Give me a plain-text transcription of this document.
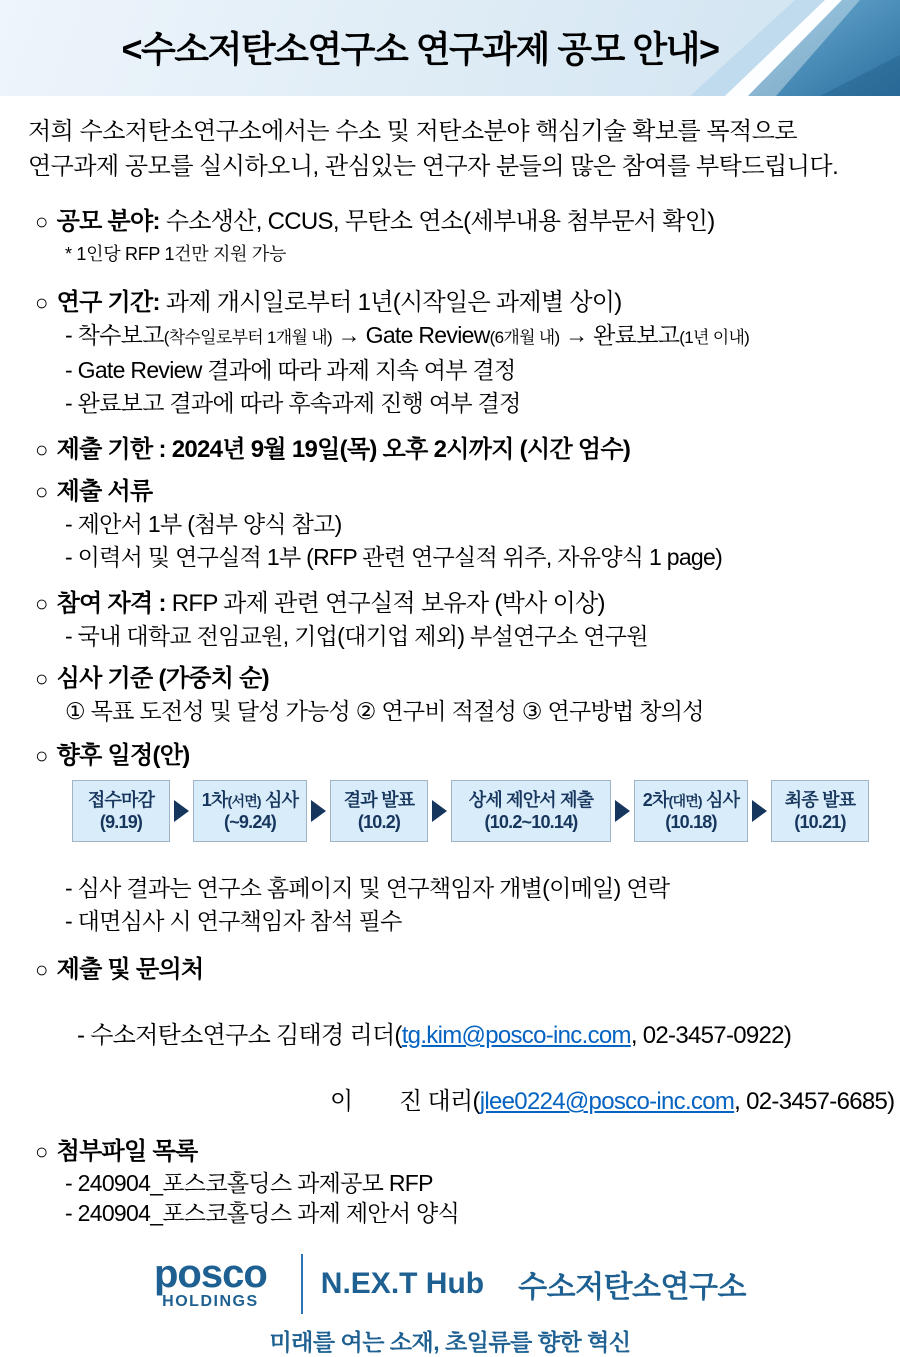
<수소저탄소연구소 연구과제 공모 안내>
저희 수소저탄소연구소에서는 수소 및 저탄소분야 핵심기술 확보를 목적으로
연구과제 공모를 실시하오니, 관심있는 연구자 분들의 많은 참여를 부탁드립니다.
○ 공모 분야: 수소생산, CCUS, 무탄소 연소(세부내용 첨부문서 확인)
* 1인당 RFP 1건만 지원 가능
○ 연구 기간: 과제 개시일로부터 1년(시작일은 과제별 상이)
- 착수보고(착수일로부터 1개월 내) → Gate Review(6개월 내) → 완료보고(1년 이내)
- Gate Review 결과에 따라 과제 지속 여부 결정
- 완료보고 결과에 따라 후속과제 진행 여부 결정
○ 제출 기한 : 2024년 9월 19일(목) 오후 2시까지 (시간 엄수)
○ 제출 서류
- 제안서 1부 (첨부 양식 참고)
- 이력서 및 연구실적 1부 (RFP 관련 연구실적 위주, 자유양식 1 page)
○ 참여 자격 : RFP 과제 관련 연구실적 보유자 (박사 이상)
- 국내 대학교 전임교원, 기업(대기업 제외) 부설연구소 연구원
○ 심사 기준 (가중치 순)
① 목표 도전성 및 달성 가능성 ② 연구비 적절성 ③ 연구방법 창의성
○ 향후 일정(안)
접수마감
(9.19)
1차(서면) 심사
(~9.24)
결과 발표
(10.2)
상세 제안서 제출
(10.2~10.14)
2차(대면) 심사
(10.18)
최종 발표
(10.21)
- 심사 결과는 연구소 홈페이지 및 연구책임자 개별(이메일) 연락
- 대면심사 시 연구책임자 참석 필수
○ 제출 및 문의처

- 수소저탄소연구소 김태경 리더(tg.kim@posco-inc.com, 02-3457-0922)

이　　진 대리(jlee0224@posco-inc.com, 02-3457-6685)

○ 첨부파일 목록
- 240904_포스코홀딩스 과제공모 RFP
- 240904_포스코홀딩스 과제 제안서 양식
posco
HOLDINGS
N.EX.T Hub 수소저탄소연구소
미래를 여는 소재, 초일류를 향한 혁신
